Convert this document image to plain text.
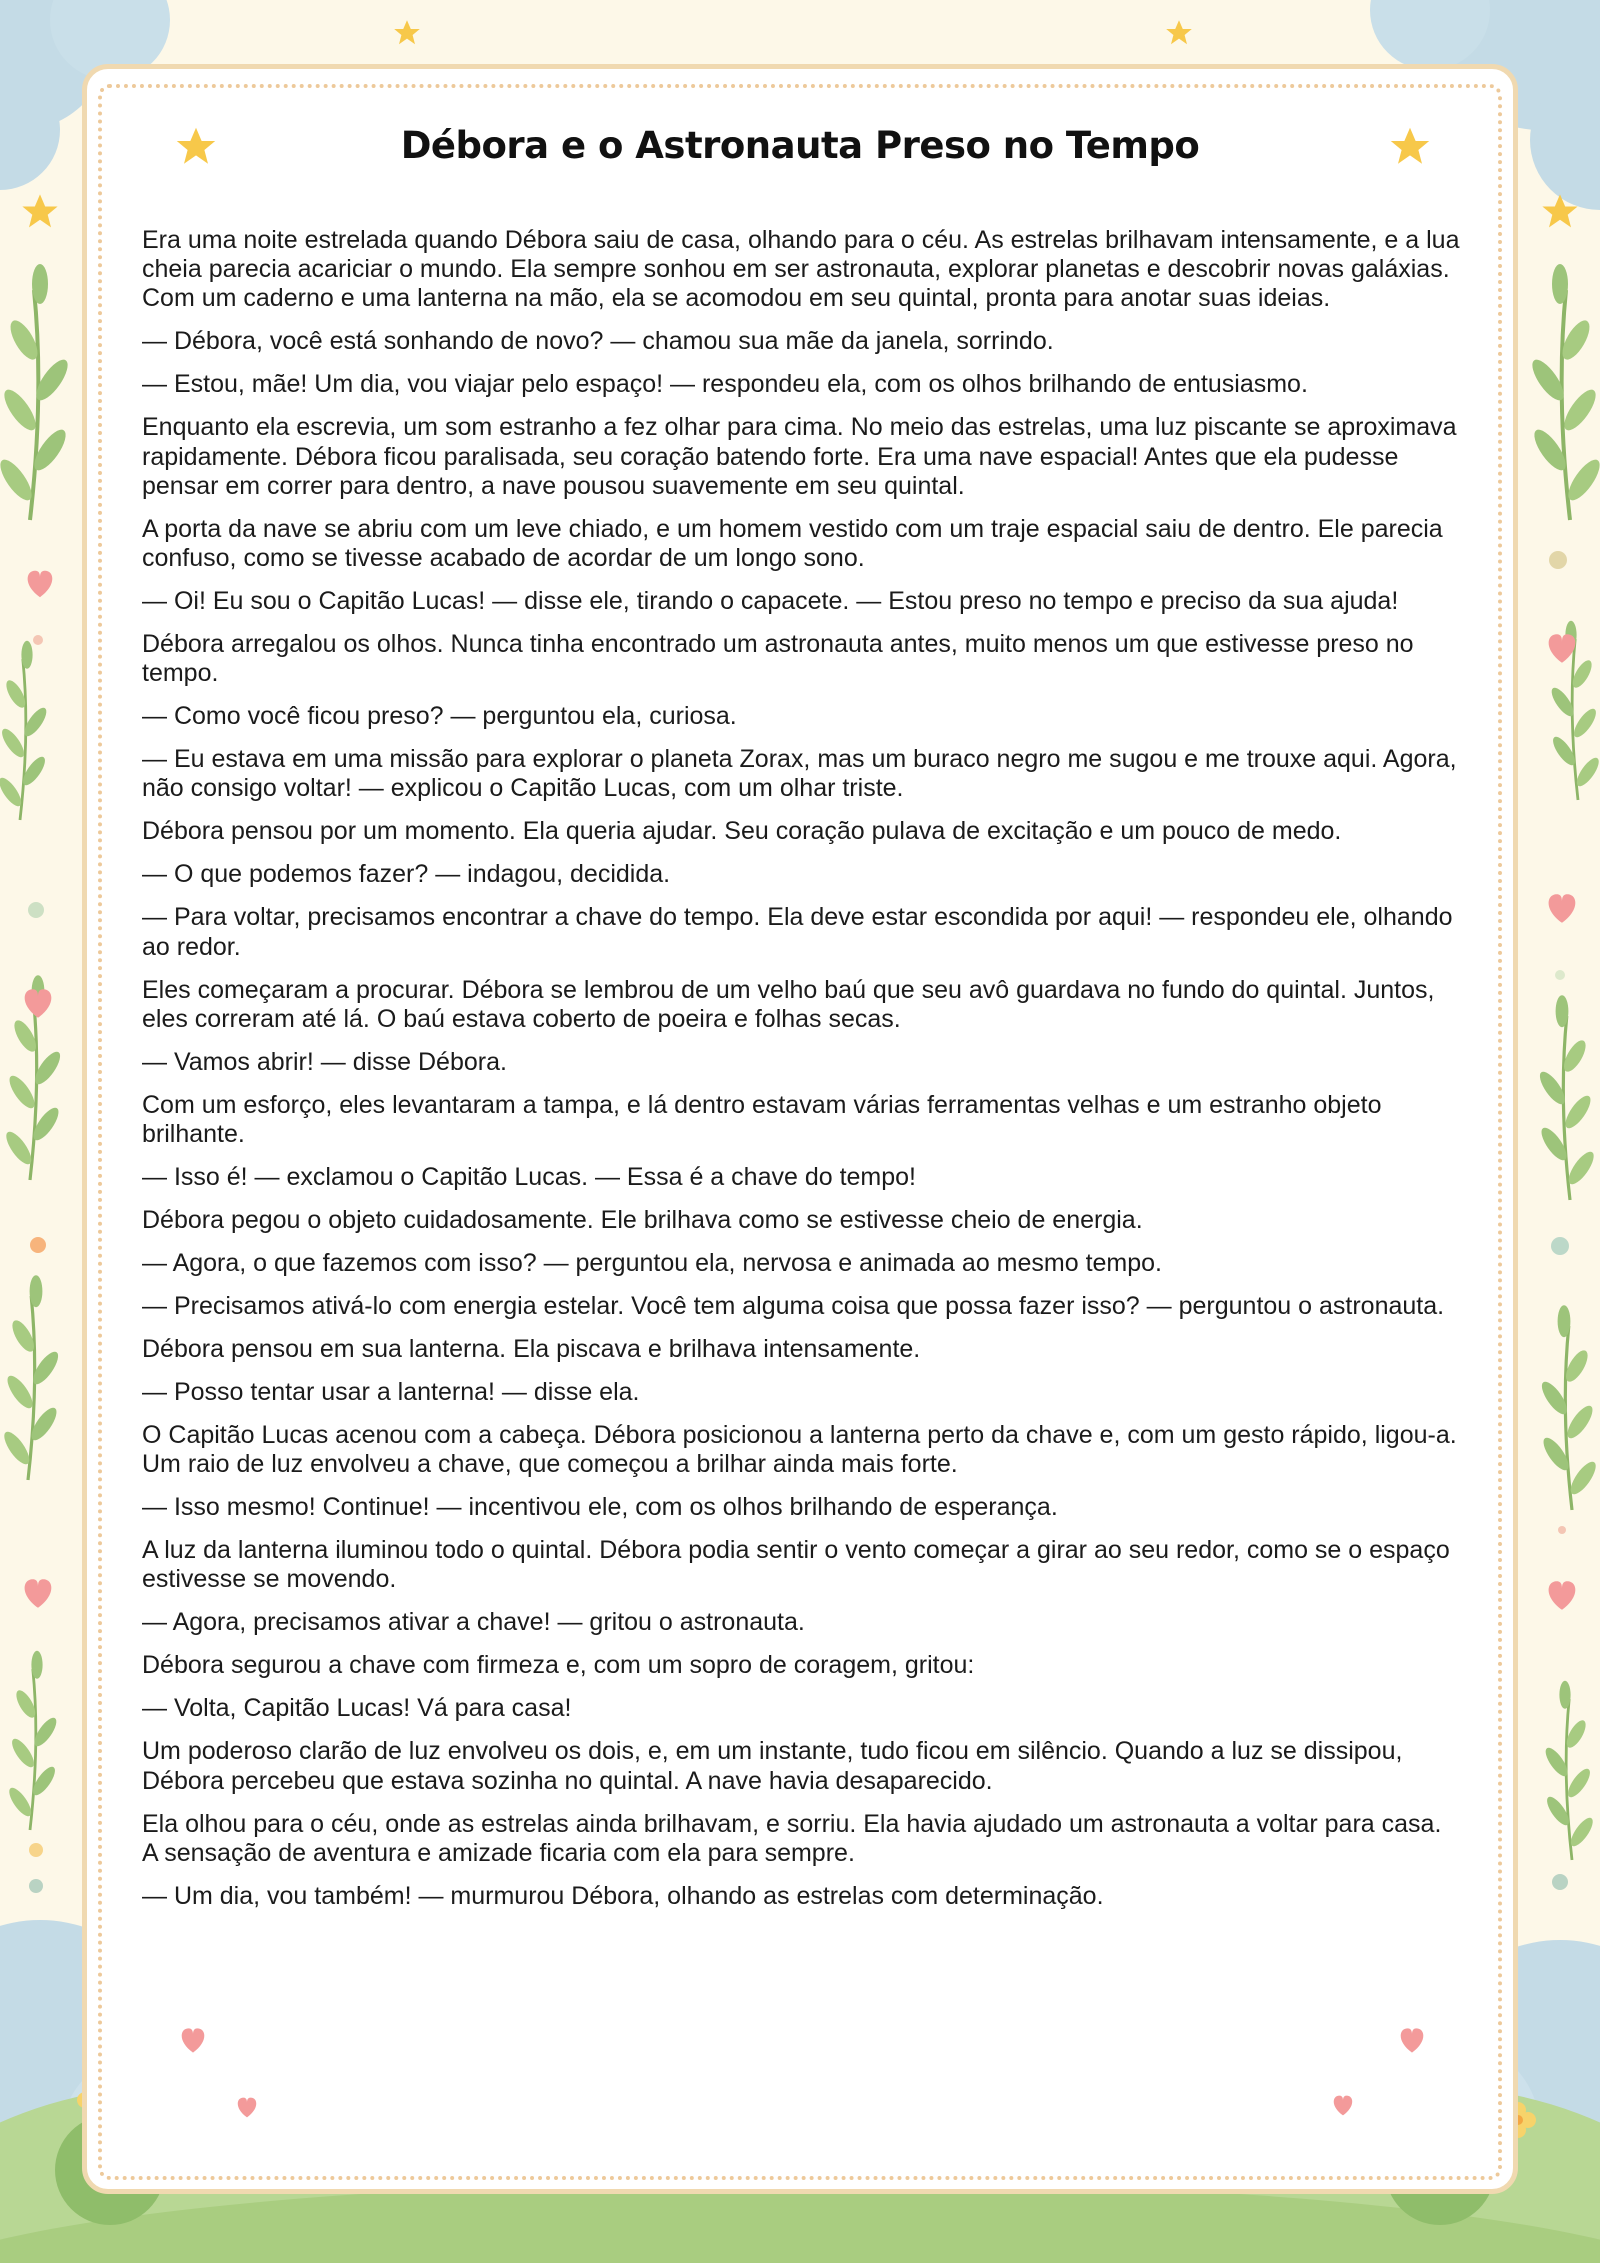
Débora e o Astronauta Preso no Tempo

Era uma noite estrelada quando Débora saiu de casa, olhando para o céu. As estrelas brilhavam intensamente, e a lua cheia parecia acariciar o mundo. Ela sempre sonhou em ser astronauta, explorar planetas e descobrir novas galáxias. Com um caderno e uma lanterna na mão, ela se acomodou em seu quintal, pronta para anotar suas ideias.

— Débora, você está sonhando de novo? — chamou sua mãe da janela, sorrindo.

— Estou, mãe! Um dia, vou viajar pelo espaço! — respondeu ela, com os olhos brilhando de entusiasmo.

Enquanto ela escrevia, um som estranho a fez olhar para cima. No meio das estrelas, uma luz piscante se aproximava rapidamente. Débora ficou paralisada, seu coração batendo forte. Era uma nave espacial! Antes que ela pudesse pensar em correr para dentro, a nave pousou suavemente em seu quintal.

A porta da nave se abriu com um leve chiado, e um homem vestido com um traje espacial saiu de dentro. Ele parecia confuso, como se tivesse acabado de acordar de um longo sono.

— Oi! Eu sou o Capitão Lucas! — disse ele, tirando o capacete. — Estou preso no tempo e preciso da sua ajuda!

Débora arregalou os olhos. Nunca tinha encontrado um astronauta antes, muito menos um que estivesse preso no tempo.

— Como você ficou preso? — perguntou ela, curiosa.

— Eu estava em uma missão para explorar o planeta Zorax, mas um buraco negro me sugou e me trouxe aqui. Agora, não consigo voltar! — explicou o Capitão Lucas, com um olhar triste.

Débora pensou por um momento. Ela queria ajudar. Seu coração pulava de excitação e um pouco de medo.

— O que podemos fazer? — indagou, decidida.

— Para voltar, precisamos encontrar a chave do tempo. Ela deve estar escondida por aqui! — respondeu ele, olhando ao redor.

Eles começaram a procurar. Débora se lembrou de um velho baú que seu avô guardava no fundo do quintal. Juntos, eles correram até lá. O baú estava coberto de poeira e folhas secas.

— Vamos abrir! — disse Débora.

Com um esforço, eles levantaram a tampa, e lá dentro estavam várias ferramentas velhas e um estranho objeto brilhante.

— Isso é! — exclamou o Capitão Lucas. — Essa é a chave do tempo!

Débora pegou o objeto cuidadosamente. Ele brilhava como se estivesse cheio de energia.

— Agora, o que fazemos com isso? — perguntou ela, nervosa e animada ao mesmo tempo.

— Precisamos ativá-lo com energia estelar. Você tem alguma coisa que possa fazer isso? — perguntou o astronauta.

Débora pensou em sua lanterna. Ela piscava e brilhava intensamente.

— Posso tentar usar a lanterna! — disse ela.

O Capitão Lucas acenou com a cabeça. Débora posicionou a lanterna perto da chave e, com um gesto rápido, ligou-a. Um raio de luz envolveu a chave, que começou a brilhar ainda mais forte.

— Isso mesmo! Continue! — incentivou ele, com os olhos brilhando de esperança.

A luz da lanterna iluminou todo o quintal. Débora podia sentir o vento começar a girar ao seu redor, como se o espaço estivesse se movendo.

— Agora, precisamos ativar a chave! — gritou o astronauta.

Débora segurou a chave com firmeza e, com um sopro de coragem, gritou:

— Volta, Capitão Lucas! Vá para casa!

Um poderoso clarão de luz envolveu os dois, e, em um instante, tudo ficou em silêncio. Quando a luz se dissipou, Débora percebeu que estava sozinha no quintal. A nave havia desaparecido.

Ela olhou para o céu, onde as estrelas ainda brilhavam, e sorriu. Ela havia ajudado um astronauta a voltar para casa. A sensação de aventura e amizade ficaria com ela para sempre.

— Um dia, vou também! — murmurou Débora, olhando as estrelas com determinação.
